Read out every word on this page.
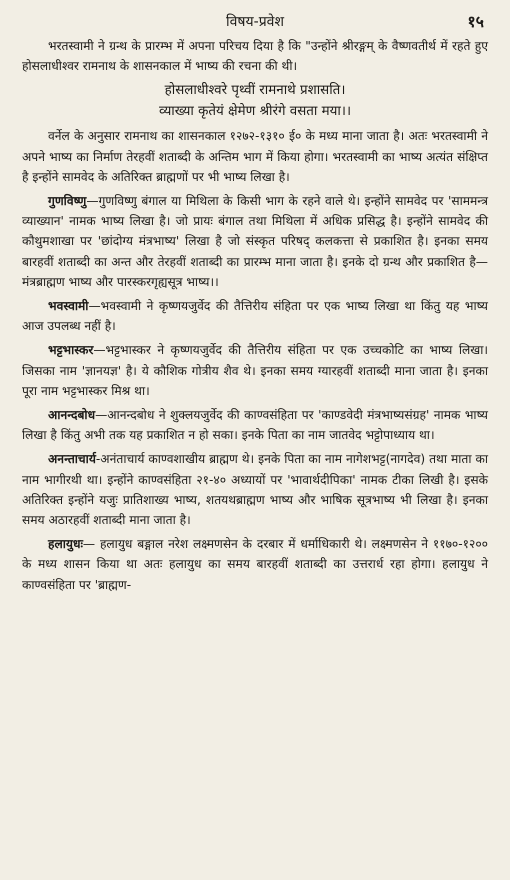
विषय-प्रवेश	१५

भरतस्वामी ने ग्रन्थ के प्रारम्भ में अपना परिचय दिया है कि "उन्होंने श्रीरङ्गम् के वैष्णवतीर्थ में रहते हुए होसलाधीश्वर रामनाथ के शासनकाल में भाष्य की रचना की थी।

होसलाधीश्वरे पृथ्वीं रामनाथे प्रशासति।
व्याख्या कृतेयं क्षेमेण श्रीरंगे वसता मया।।

वर्नेल के अनुसार रामनाथ का शासनकाल १२७२-१३१० ई० के मध्य माना जाता है। अतः भरतस्वामी ने अपने भाष्य का निर्माण तेरहवीं शताब्दी के अन्तिम भाग में किया होगा। भरतस्वामी का भाष्य अत्यंत संक्षिप्त है इन्होंने सामवेद के अतिरिक्त ब्राह्मणों पर भी भाष्य लिखा है।

गुणविष्णु—गुणविष्णु बंगाल या मिथिला के किसी भाग के रहने वाले थे। इन्होंने सामवेद पर 'साममन्त्र व्याख्यान' नामक भाष्य लिखा है। जो प्रायः बंगाल तथा मिथिला में अधिक प्रसिद्ध है। इन्होंने सामवेद की कौथुमशाखा पर 'छांदोग्य मंत्रभाष्य' लिखा है जो संस्कृत परिषद् कलकत्ता से प्रकाशित है। इनका समय बारहवीं शताब्दी का अन्त और तेरहवीं शताब्दी का प्रारम्भ माना जाता है। इनके दो ग्रन्थ और प्रकाशित है—मंत्रब्राह्मण भाष्य और पारस्करगृह्यसूत्र भाष्य।।

भवस्वामी—भवस्वामी ने कृष्णयजुर्वेद की तैत्तिरीय संहिता पर एक भाष्य लिखा था किंतु यह भाष्य आज उपलब्ध नहीं है।

भट्टभास्कर—भट्टभास्कर ने कृष्णयजुर्वेद की तैत्तिरीय संहिता पर एक उच्चकोटि का भाष्य लिखा। जिसका नाम 'ज्ञानयज्ञ' है। ये कौशिक गोत्रीय शैव थे। इनका समय ग्यारहवीं शताब्दी माना जाता है। इनका पूरा नाम भट्टभास्कर मिश्र था।

आनन्दबोध—आनन्दबोध ने शुक्लयजुर्वेद की काण्वसंहिता पर 'काण्डवेदी मंत्रभाष्यसंग्रह' नामक भाष्य लिखा है किंतु अभी तक यह प्रकाशित न हो सका। इनके पिता का नाम जातवेद भट्टोपाध्याय था।

अनन्ताचार्य-अनंताचार्य काण्वशाखीय ब्राह्मण थे। इनके पिता का नाम नागेशभट्ट(नागदेव) तथा माता का नाम भागीरथी था। इन्होंने काण्वसंहिता २१-४० अध्यायों पर 'भावार्थदीपिका' नामक टीका लिखी है। इसके अतिरिक्त इन्होंने यजुः प्रातिशाख्य भाष्य, शतयथब्राह्मण भाष्य और भाषिक सूत्रभाष्य भी लिखा है। इनका समय अठारहवीं शताब्दी माना जाता है।

हलायुधः— हलायुध बङ्गाल नरेश लक्ष्मणसेन के दरबार में धर्माधिकारी थे। लक्ष्मणसेन ने ११७०-१२०० के मध्य शासन किया था अतः हलायुध का समय बारहवीं शताब्दी का उत्तरार्ध रहा होगा। हलायुध ने काण्वसंहिता पर 'ब्राह्मण-
